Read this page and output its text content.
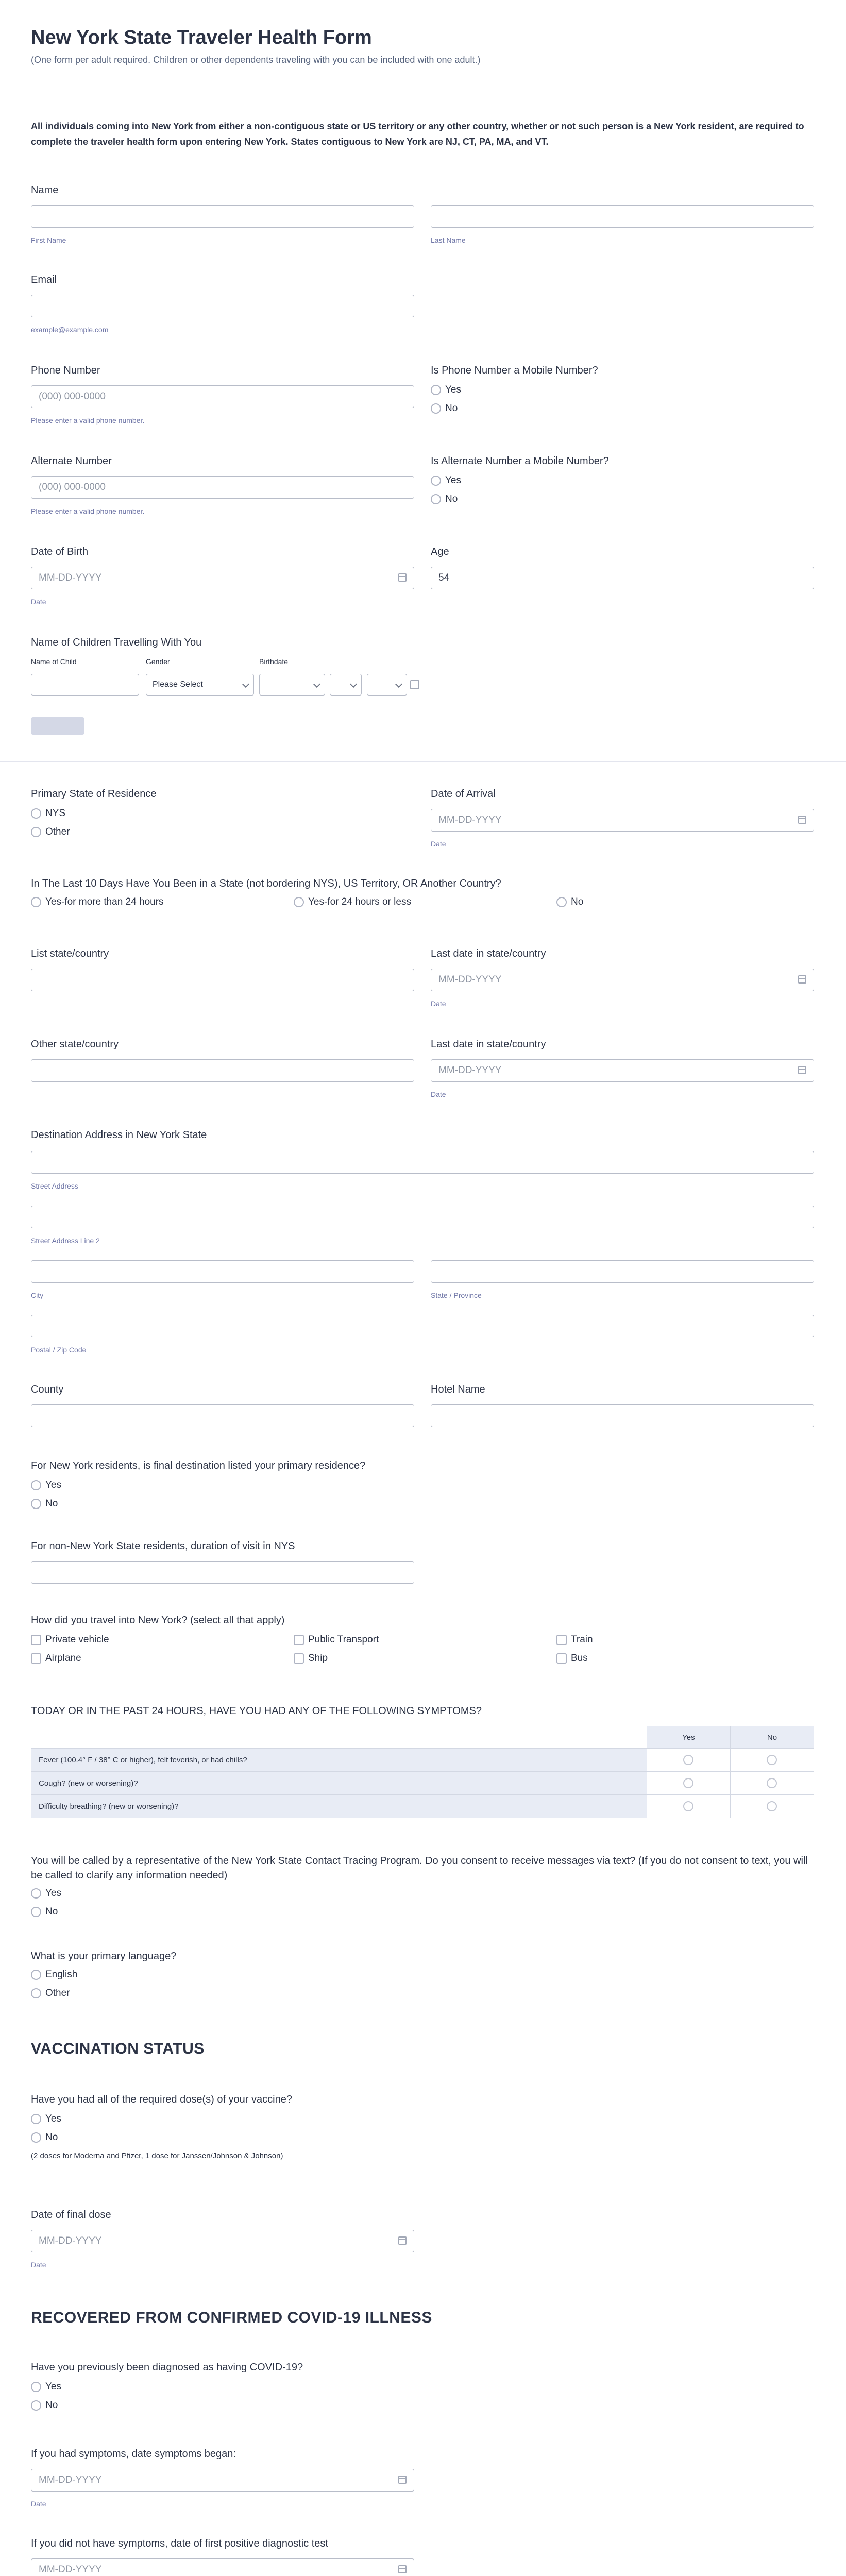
New York State Traveler Health Form
(One form per adult required. Children or other dependents traveling with you can be included with one adult.)
All individuals coming into New York from either a non-contiguous state or US territory or any other country, whether or not such person is a New York resident, are required to complete the traveler health form upon entering New York. States contiguous to New York are NJ, CT, PA, MA, and VT.
Name
First Name	Last Name
Email
example@example.com
Phone Number
(000) 000-0000
Please enter a valid phone number.
Is Phone Number a Mobile Number?
Yes
No
Alternate Number
(000) 000-0000
Please enter a valid phone number.
Is Alternate Number a Mobile Number?
Yes
No
Date of Birth
MM-DD-YYYY
Date
Age
54
Name of Children Travelling With You
Name of Child	Gender	Birthdate
Please Select
Primary State of Residence
NYS
Other
Date of Arrival
MM-DD-YYYY
Date
In The Last 10 Days Have You Been in a State (not bordering NYS), US Territory, OR Another Country?
Yes-for more than 24 hours	Yes-for 24 hours or less	No
List state/country	Last date in state/country
MM-DD-YYYY
Date
Other state/country	Last date in state/country
MM-DD-YYYY
Date
Destination Address in New York State
Street Address
Street Address Line 2
City	State / Province
Postal / Zip Code
County	Hotel Name
For New York residents, is final destination listed your primary residence?
Yes
No
For non-New York State residents, duration of visit in NYS
How did you travel into New York? (select all that apply)
Private vehicle	Public Transport	Train
Airplane	Ship	Bus
TODAY OR IN THE PAST 24 HOURS, HAVE YOU HAD ANY OF THE FOLLOWING SYMPTOMS?
	Yes	No
Fever (100.4° F / 38° C or higher), felt feverish, or had chills?		
Cough? (new or worsening)?		
Difficulty breathing? (new or worsening)?		
You will be called by a representative of the New York State Contact Tracing Program. Do you consent to receive messages via text? (If you do not consent to text, you will be called to clarify any information needed)
Yes
No
What is your primary language?
English
Other
VACCINATION STATUS
Have you had all of the required dose(s) of your vaccine?
Yes
No
(2 doses for Moderna and Pfizer, 1 dose for Janssen/Johnson & Johnson)
Date of final dose
MM-DD-YYYY
Date
RECOVERED FROM CONFIRMED COVID-19 ILLNESS
Have you previously been diagnosed as having COVID-19?
Yes
No
If you had symptoms, date symptoms began:
MM-DD-YYYY
Date
If you did not have symptoms, date of first positive diagnostic test
MM-DD-YYYY
